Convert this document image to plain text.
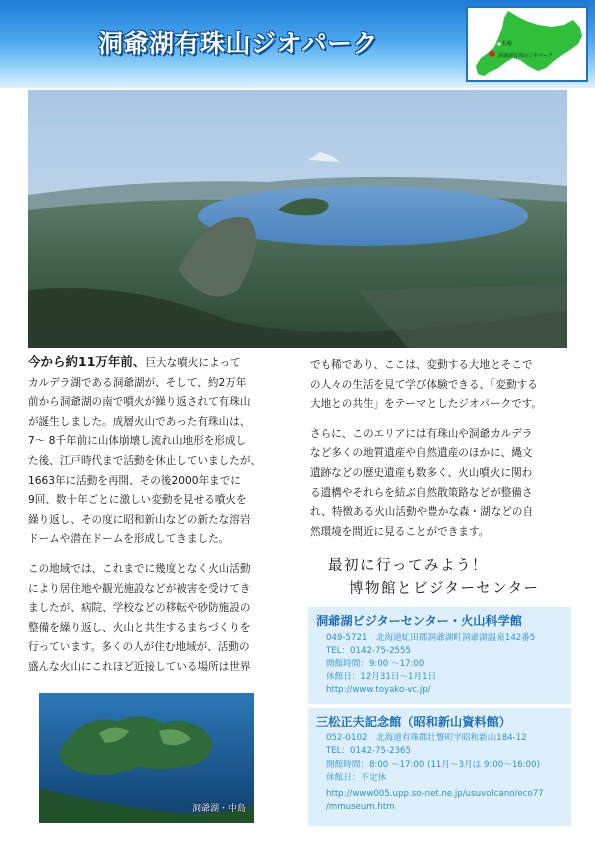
洞爺湖有珠山ジオパーク	札幌
洞爺湖有珠山ジオパーク

今から約11万年前、巨大な噴火によって
カルデラ湖である洞爺湖が、そして、約2万年
前から洞爺湖の南で噴火が繰り返されて有珠山
が誕生しました。成層火山であった有珠山は、
7〜 8千年前に山体崩壊し流れ山地形を形成し
た後、江戸時代まで活動を休止していましたが、
1663年に活動を再開、その後2000年までに
9回、数十年ごとに激しい変動を見せる噴火を
繰り返し、その度に昭和新山などの新たな溶岩
ドームや潜在ドームを形成してきました。

この地域では、これまでに幾度となく火山活動
により居住地や観光施設などが被害を受けてき
ましたが、病院、学校などの移転や砂防施設の
整備を繰り返し、火山と共生するまちづくりを
行っています。多くの人が住む地域が、活動の
盛んな火山にこれほど近接している場所は世界

でも稀であり、ここは、変動する大地とそこで
の人々の生活を見て学び体験できる、「変動する
大地との共生」をテーマとしたジオパークです。

さらに、このエリアには有珠山や洞爺カルデラ
など多くの地質遺産や自然遺産のほかに、縄文
遺跡などの歴史遺産も数多く、火山噴火に関わ
る遺構やそれらを結ぶ自然散策路などが整備さ
れ、特徴ある火山活動や豊かな森・湖などの自
然環境を間近に見ることができます。

最初に行ってみよう！
博物館とビジターセンター
洞爺湖ビジターセンター・火山科学館
049-5721　北海道虻田郡洞爺湖町洞爺湖温泉142番5
TEL：0142-75-2555
開館時間：9:00 〜17:00
休館日：12月31日〜1月1日
http://www.toyako-vc.jp/
三松正夫記念館（昭和新山資料館）
052-0102　北海道有珠郡壮瞥町字昭和新山184-12
TEL：0142-75-2365
開館時間：8:00 〜17:00 (11月〜3月は 9:00〜16:00)
休館日：不定休
http://www005.upp.so-net.ne.jp/usuvolcano/eco77
/mmuseum.htm
洞爺湖・中島
